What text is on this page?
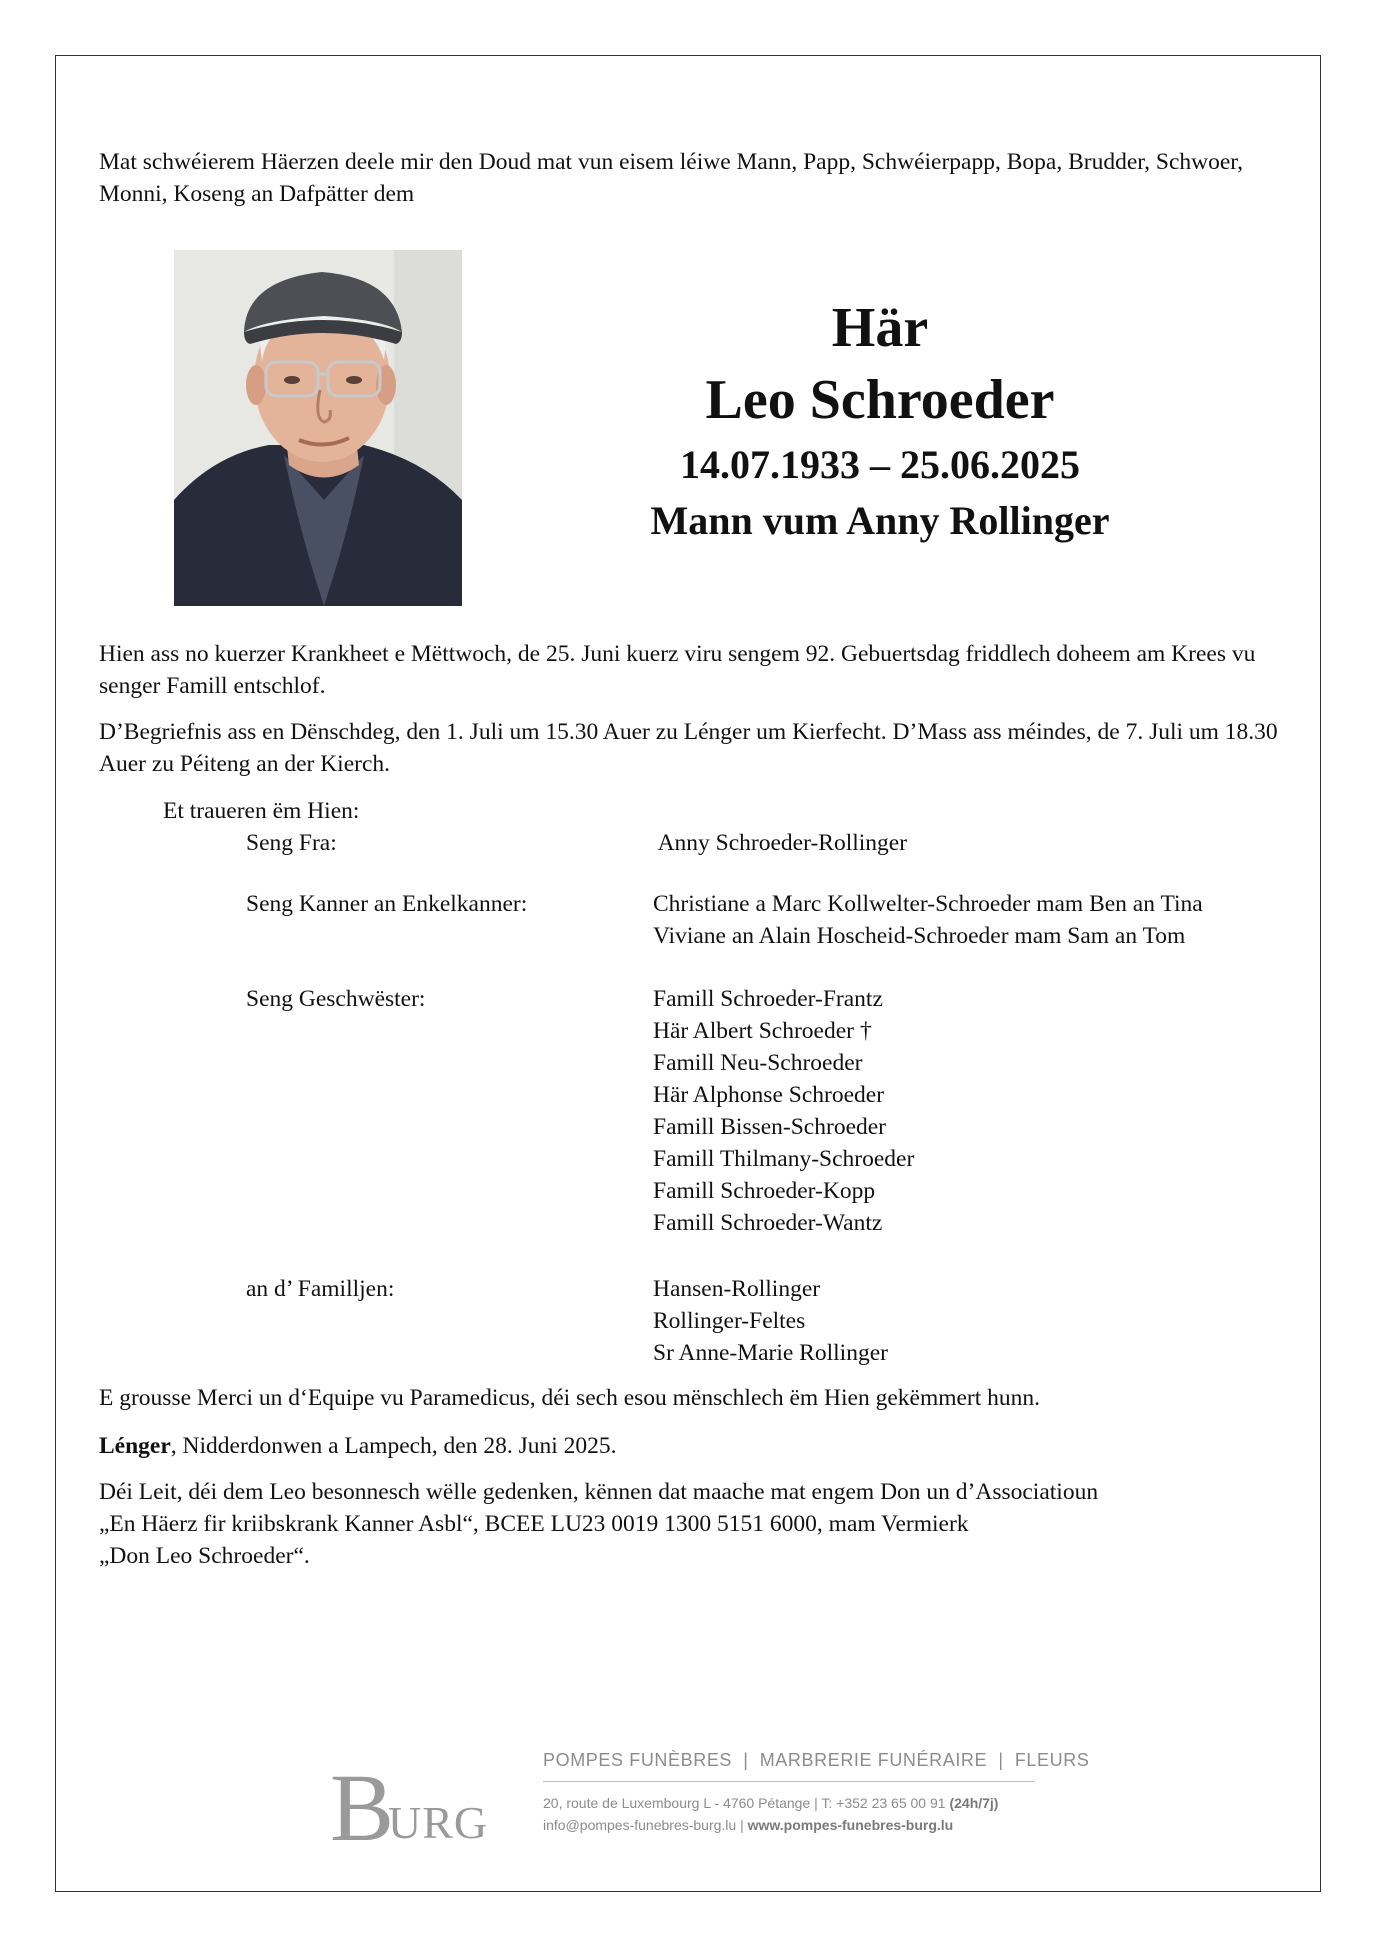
Mat schwéierem Häerzen deele mir den Doud mat vun eisem léiwe Mann, Papp, Schwéierpapp, Bopa, Brudder, Schwoer, Monni, Koseng an Dafpätter dem

Här
Leo Schroeder
14.07.1933 – 25.06.2025
Mann vum Anny Rollinger

Hien ass no kuerzer Krankheet e Mëttwoch, de 25. Juni kuerz viru sengem 92. Gebuertsdag friddlech doheem am Krees vu senger Famill entschlof.

D’Begriefnis ass en Dënschdeg, den 1. Juli um 15.30 Auer zu Lénger um Kierfecht. D’Mass ass méindes, de 7. Juli um 18.30 Auer zu Péiteng an der Kierch.

Et traueren ëm Hien:
Seng Fra:	Anny Schroeder-Rollinger
Seng Kanner an Enkelkanner:	Christiane a Marc Kollwelter-Schroeder mam Ben an Tina
Viviane an Alain Hoscheid-Schroeder mam Sam an Tom
Seng Geschwëster:	Famill Schroeder-Frantz
Här Albert Schroeder †
Famill Neu-Schroeder
Här Alphonse Schroeder
Famill Bissen-Schroeder
Famill Thilmany-Schroeder
Famill Schroeder-Kopp
Famill Schroeder-Wantz
an d’ Familljen:	Hansen-Rollinger
Rollinger-Feltes
Sr Anne-Marie Rollinger

E grousse Merci un d‘Equipe vu Paramedicus, déi sech esou mënschlech ëm Hien gekëmmert hunn.

Lénger, Nidderdonwen a Lampech, den 28. Juni 2025.

Déi Leit, déi dem Leo besonnesch wëlle gedenken, kënnen dat maache mat engem Don un d’Associatioun

„En Häerz fir kriibskrank Kanner Asbl“, BCEE LU23 0019 1300 5151 6000, mam Vermierk

„Don Leo Schroeder“.

B
URG
POMPES FUNÈBRES  |  MARBRERIE FUNÉRAIRE  |  FLEURS
20, route de Luxembourg L - 4760 Pétange | T: +352 23 65 00 91 (24h/7j)
info@pompes-funebres-burg.lu | www.pompes-funebres-burg.lu
